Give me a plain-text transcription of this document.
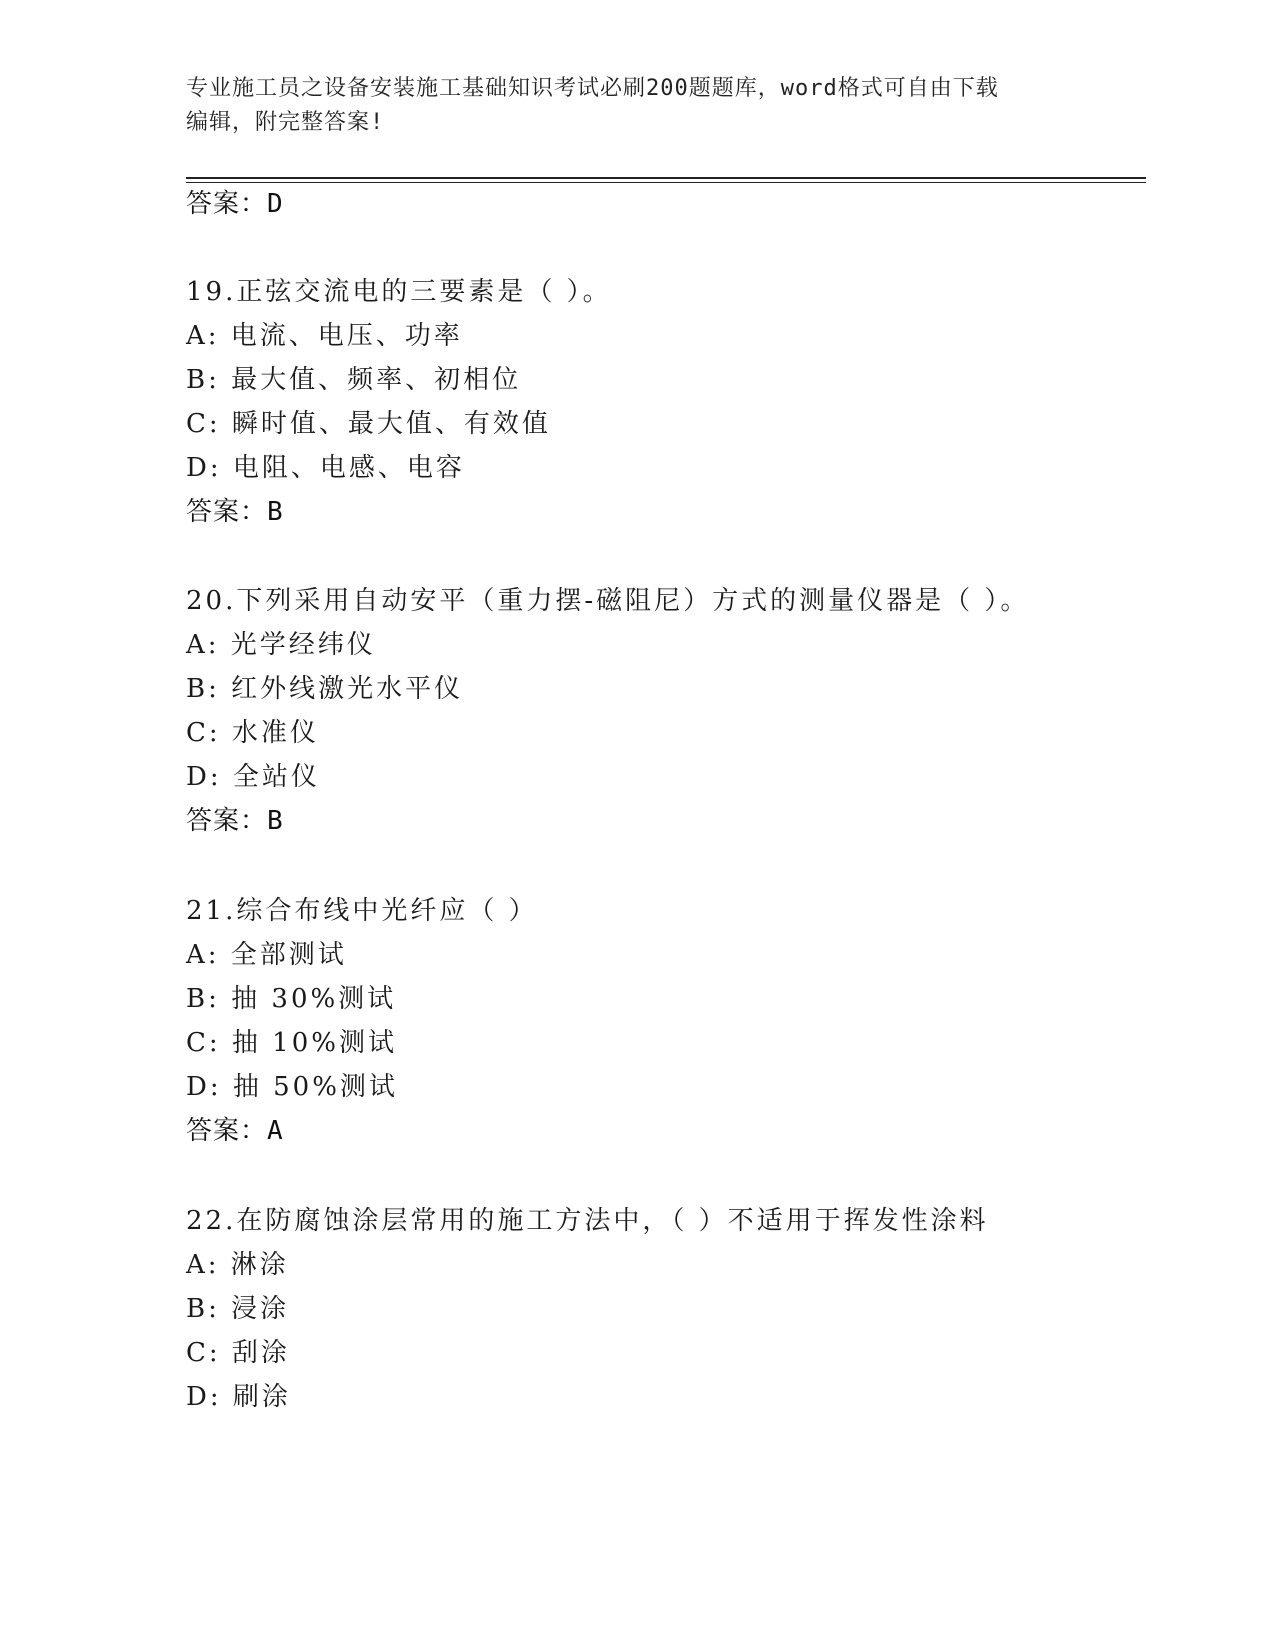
专业施工员之设备安装施工基础知识考试必刷200题题库，word格式可自由下载
编辑，附完整答案!
答案：D
19.正弦交流电的三要素是（ ）。
A: 电流、电压、功率
B: 最大值、频率、初相位
C: 瞬时值、最大值、有效值
D: 电阻、电感、电容
答案：B
20.下列采用自动安平（重力摆-磁阻尼）方式的测量仪器是（ ）。
A: 光学经纬仪
B: 红外线激光水平仪
C: 水准仪
D: 全站仪
答案：B
21.综合布线中光纤应（ ）
A: 全部测试
B: 抽 30%测试
C: 抽 10%测试
D: 抽 50%测试
答案：A
22.在防腐蚀涂层常用的施工方法中，（ ）不适用于挥发性涂料
A: 淋涂
B: 浸涂
C: 刮涂
D: 刷涂
